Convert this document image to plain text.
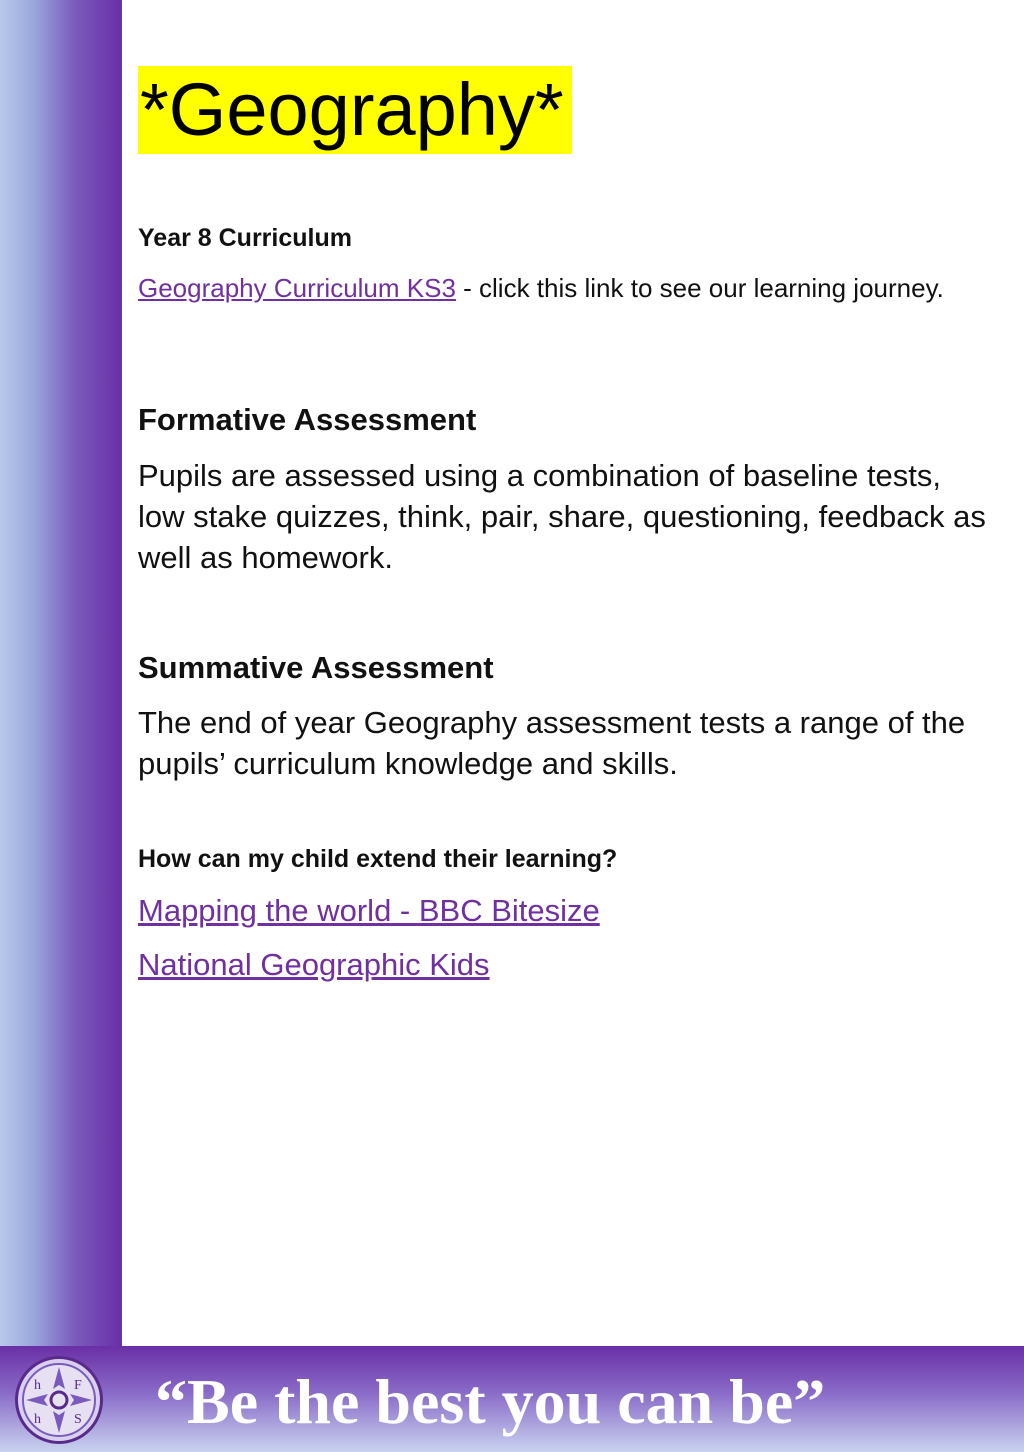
*Geography*
Year 8 Curriculum
Geography Curriculum KS3 - click this link to see our learning journey.
Formative Assessment
Pupils are assessed using a combination of baseline tests, low stake quizzes, think, pair, share, questioning, feedback as well as homework.
Summative Assessment
The end of year Geography assessment tests a range of the pupils’ curriculum knowledge and skills.
How can my child extend their learning?
Mapping the world - BBC Bitesize
National Geographic Kids
h F
h S “Be the best you can be”
